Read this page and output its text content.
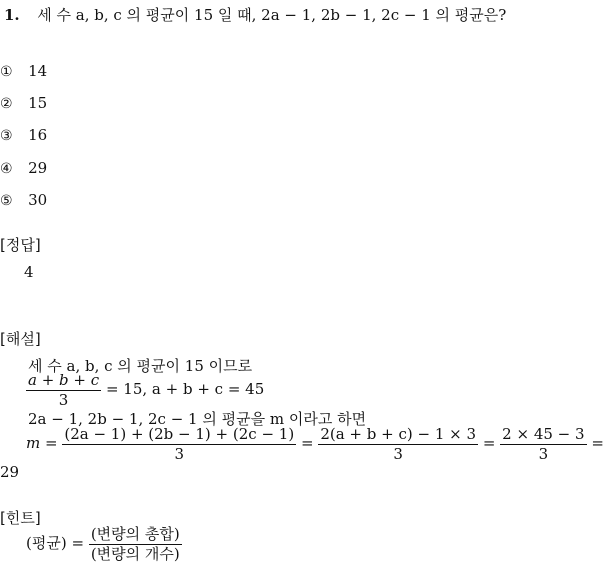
1. 세 수 a, b, c 의 평균이 15 일 때, 2a − 1, 2b − 1, 2c − 1 의 평균은?
① 14
② 15
③ 16
④ 29
⑤ 30
[정답]
4
[해설]
세 수 a, b, c 의 평균이 15 이므로
$\frac{a + b + c}{3} = 15$, a + b + c = 45
2a − 1, 2b − 1, 2c − 1 의 평균을 m 이라고 하면
$m = \frac{(2a - 1) + (2b - 1) + (2c - 1)}{3} = \frac{2(a + b + c) - 1 \times 3}{3} = \frac{2 \times 45 - 3}{3}$ =
29
[힌트]
(평균) = $\frac{\text{(변량의 총합)}}{\text{(변량의 개수)}}$
